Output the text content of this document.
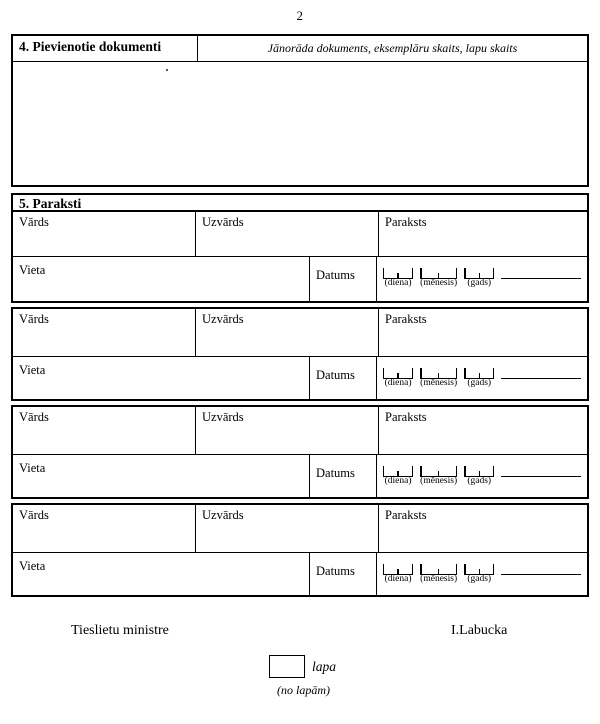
2
4. Pievienotie dokumenti	Jānorāda dokuments, eksemplāru skaits, lapu skaits
5. Paraksti
Vārds	Uzvārds	Paraksts
Vieta	Datums
(diena) (mēnesis)	(gads)
Vārds	Uzvārds	Paraksts
Vieta	Datums
(diena) (mēnesis)	(gads)
Vārds	Uzvārds	Paraksts
Vieta	Datums
(diena) (mēnesis)	(gads)
Vārds	Uzvārds	Paraksts
Vieta	Datums
(diena) (mēnesis)	(gads)
Tieslietu ministre	I.Labucka
lapa
(no lapām)
